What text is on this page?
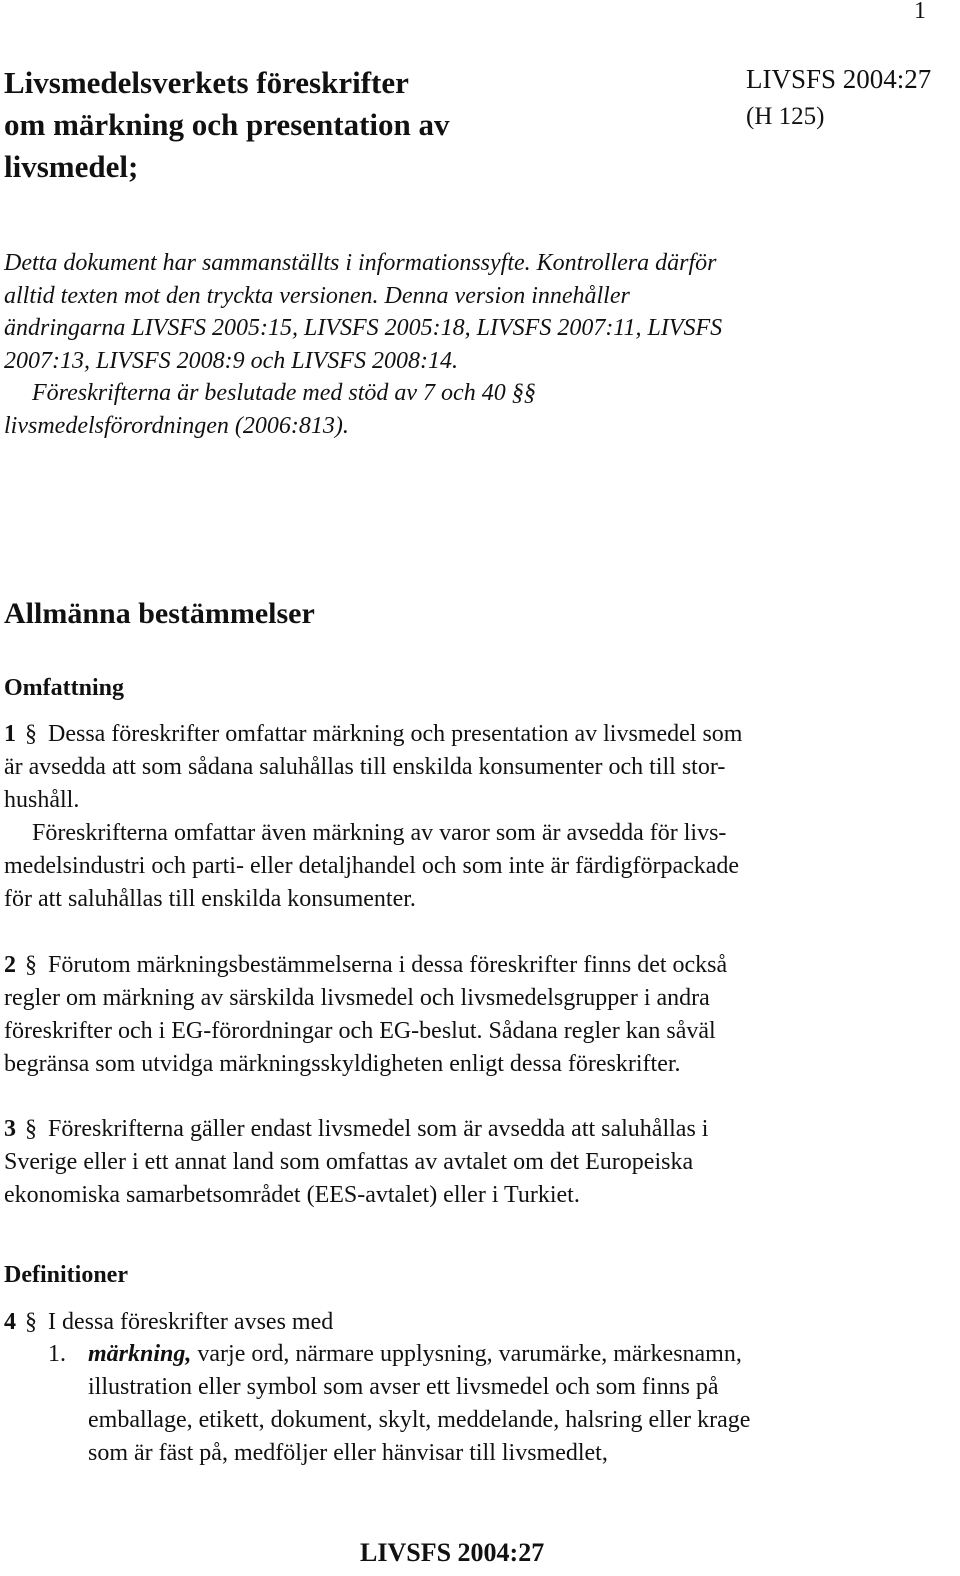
1
Livsmedelsverkets föreskrifter
om märkning och presentation av
livsmedel;
LIVSFS 2004:27
(H 125)
Detta dokument har sammanställts i informationssyfte. Kontrollera därför
alltid texten mot den tryckta versionen. Denna version innehåller
ändringarna LIVSFS 2005:15, LIVSFS 2005:18, LIVSFS 2007:11, LIVSFS
2007:13, LIVSFS 2008:9 och LIVSFS 2008:14.
Föreskrifterna är beslutade med stöd av 7 och 40 §§
livsmedelsförordningen (2006:813).
Allmänna bestämmelser
Omfattning
1 § Dessa föreskrifter omfattar märkning och presentation av livsmedel som
är avsedda att som sådana saluhållas till enskilda konsumenter och till stor-
hushåll.
Föreskrifterna omfattar även märkning av varor som är avsedda för livs-
medelsindustri och parti- eller detaljhandel och som inte är färdigförpackade
för att saluhållas till enskilda konsumenter.
2 § Förutom märkningsbestämmelserna i dessa föreskrifter finns det också
regler om märkning av särskilda livsmedel och livsmedelsgrupper i andra
föreskrifter och i EG-förordningar och EG-beslut. Sådana regler kan såväl
begränsa som utvidga märkningsskyldigheten enligt dessa föreskrifter.
3 § Föreskrifterna gäller endast livsmedel som är avsedda att saluhållas i
Sverige eller i ett annat land som omfattas av avtalet om det Europeiska
ekonomiska samarbetsområdet (EES-avtalet) eller i Turkiet.
Definitioner
4 § I dessa föreskrifter avses med
1. märkning, varje ord, närmare upplysning, varumärke, märkesnamn,
illustration eller symbol som avser ett livsmedel och som finns på
emballage, etikett, dokument, skylt, meddelande, halsring eller krage
som är fäst på, medföljer eller hänvisar till livsmedlet,
LIVSFS 2004:27
